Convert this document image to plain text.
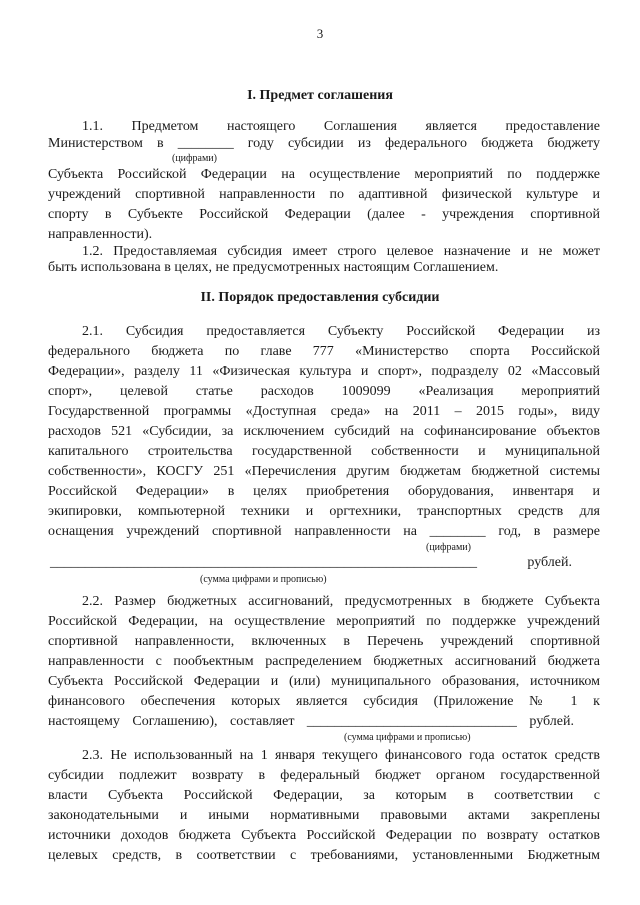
3
I. Предмет соглашения
1.1. Предметом настоящего Соглашения является предоставление
Министерством в ________ году субсидии из федерального бюджета бюджету
(цифрами)
Субъекта Российской Федерации на осуществление мероприятий по поддержке
учреждений спортивной направленности по адаптивной физической культуре и
спорту в Субъекте Российской Федерации (далее - учреждения спортивной
направленности).
1.2. Предоставляемая субсидия имеет строго целевое назначение и не может
быть использована в целях, не предусмотренных настоящим Соглашением.
II. Порядок предоставления субсидии
2.1. Субсидия предоставляется Субъекту Российской Федерации из
федерального бюджета по главе 777 «Министерство спорта Российской
Федерации», разделу 11 «Физическая культура и спорт», подразделу 02 «Массовый
спорт», целевой статье расходов 1009099 «Реализация мероприятий
Государственной программы «Доступная среда» на 2011 – 2015 годы», виду
расходов 521 «Субсидии, за исключением субсидий на софинансирование объектов
капитального строительства государственной собственности и муниципальной
собственности», КОСГУ 251 «Перечисления другим бюджетам бюджетной системы
Российской Федерации» в целях приобретения оборудования, инвентаря и
экипировки, компьютерной техники и оргтехники, транспортных средств для
оснащения учреждений спортивной направленности на ________ год, в размере
(цифрами)
_____________________________________________________________ рублей.
(сумма цифрами и прописью)
2.2. Размер бюджетных ассигнований, предусмотренных в бюджете Субъекта
Российской Федерации, на осуществление мероприятий по поддержке учреждений
спортивной направленности, включенных в Перечень учреждений спортивной
направленности с пообъектным распределением бюджетных ассигнований бюджета
Субъекта Российской Федерации и (или) муниципального образования, источником
финансового обеспечения которых является субсидия (Приложение № 1 к
настоящему Соглашению), составляет ______________________________ рублей.
(сумма цифрами и прописью)
2.3. Не использованный на 1 января текущего финансового года остаток средств
субсидии подлежит возврату в федеральный бюджет органом государственной
власти Субъекта Российской Федерации, за которым в соответствии с
законодательными и иными нормативными правовыми актами закреплены
источники доходов бюджета Субъекта Российской Федерации по возврату остатков
целевых средств, в соответствии с требованиями, установленными Бюджетным
